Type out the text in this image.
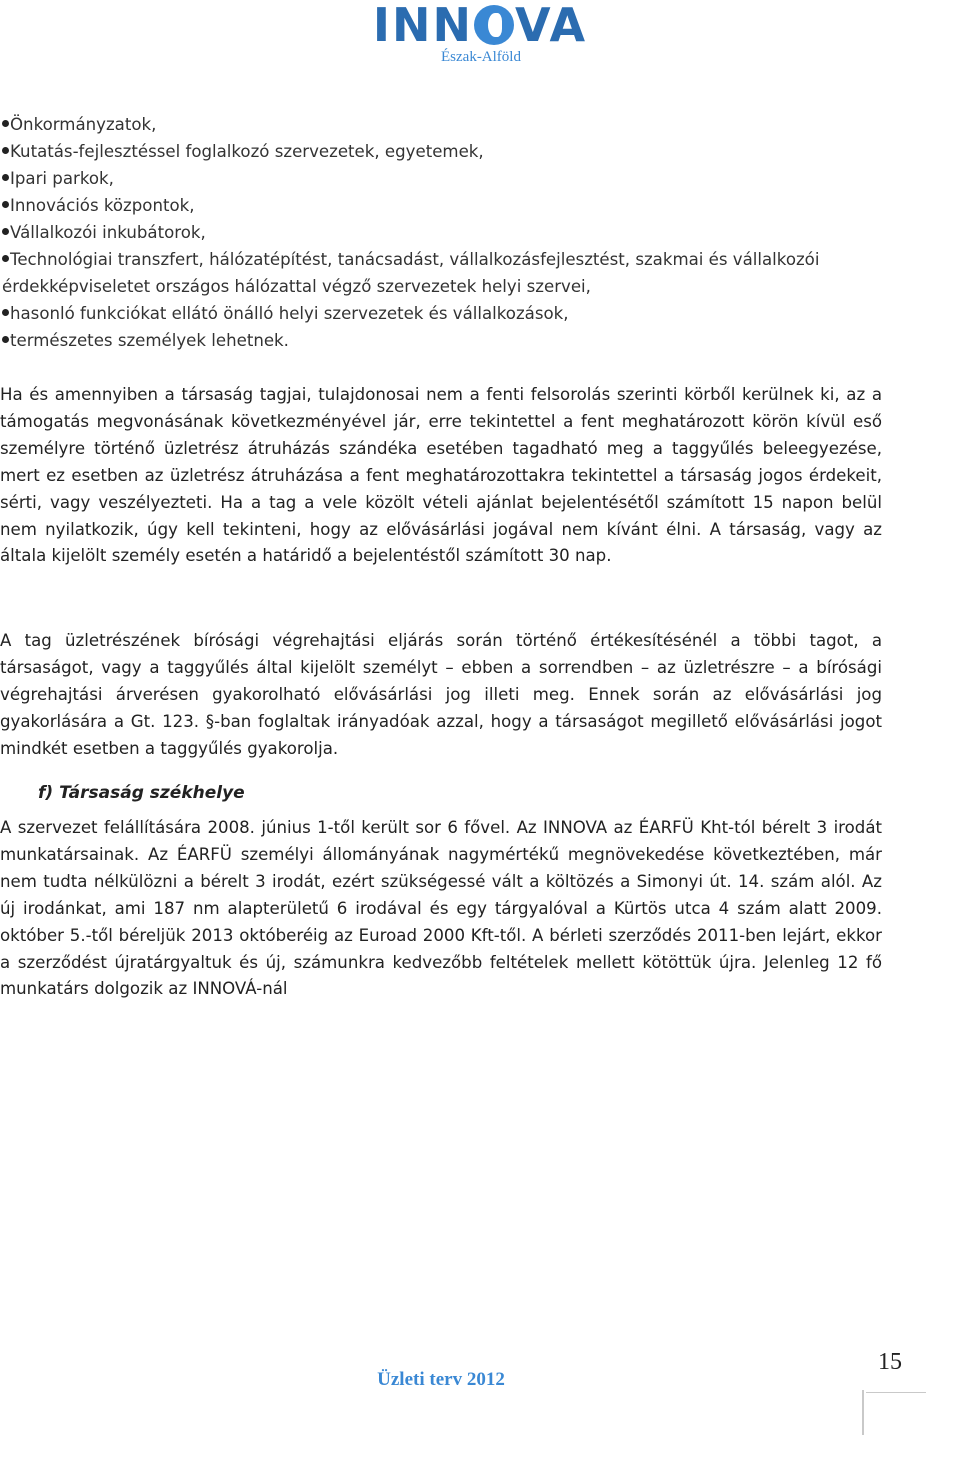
INN VA
Észak-Alföld
Önkormányzatok,
Kutatás-fejlesztéssel foglalkozó szervezetek, egyetemek,
Ipari parkok,
Innovációs központok,
Vállalkozói inkubátorok,
Technológiai transzfert, hálózatépítést, tanácsadást, vállalkozásfejlesztést, szakmai és vállalkozói érdekképviseletet országos hálózattal végző szervezetek helyi szervei,
hasonló funkciókat ellátó önálló helyi szervezetek és vállalkozások,
természetes személyek lehetnek.

Ha és amennyiben a társaság tagjai, tulajdonosai nem a fenti felsorolás szerinti körből kerülnek ki, az a támogatás megvonásának következményével jár, erre tekintettel a fent meghatározott körön kívül eső személyre történő üzletrész átruházás szándéka esetében tagadható meg a taggyűlés beleegyezése, mert ez esetben az üzletrész átruházása a fent meghatározottakra tekintettel a társaság jogos érdekeit, sérti, vagy veszélyezteti. Ha a tag a vele közölt vételi ajánlat bejelentésétől számított 15 napon belül nem nyilatkozik, úgy kell tekinteni, hogy az elővásárlási jogával nem kívánt élni. A társaság, vagy az általa kijelölt személy esetén a határidő a bejelentéstől számított 30 nap.

A tag üzletrészének bírósági végrehajtási eljárás során történő értékesítésénél a többi tagot, a társaságot, vagy a taggyűlés által kijelölt személyt – ebben a sorrendben – az üzletrészre – a bírósági végrehajtási árverésen gyakorolható elővásárlási jog illeti meg. Ennek során az elővásárlási jog gyakorlására a Gt. 123. §-ban foglaltak irányadóak azzal, hogy a társaságot megillető elővásárlási jogot mindkét esetben a taggyűlés gyakorolja.

f) Társaság székhelye

A szervezet felállítására 2008. június 1-től került sor 6 fővel. Az INNOVA az ÉARFÜ Kht-tól bérelt 3 irodát munkatársainak. Az ÉARFÜ személyi állományának nagymértékű megnövekedése következtében, már nem tudta nélkülözni a bérelt 3 irodát, ezért szükségessé vált a költözés a Simonyi út. 14. szám alól. Az új irodánkat, ami 187 nm alapterületű 6 irodával és egy tárgyalóval a Kürtös utca 4 szám alatt 2009. október 5.-től béreljük 2013 októberéig az Euroad 2000 Kft-től. A bérleti szerződés 2011-ben lejárt, ekkor a szerződést újratárgyaltuk és új, számunkra kedvezőbb feltételek mellett kötöttük újra. Jelenleg 12 fő munkatárs dolgozik az INNOVÁ-nál

Üzleti terv 2012
15
